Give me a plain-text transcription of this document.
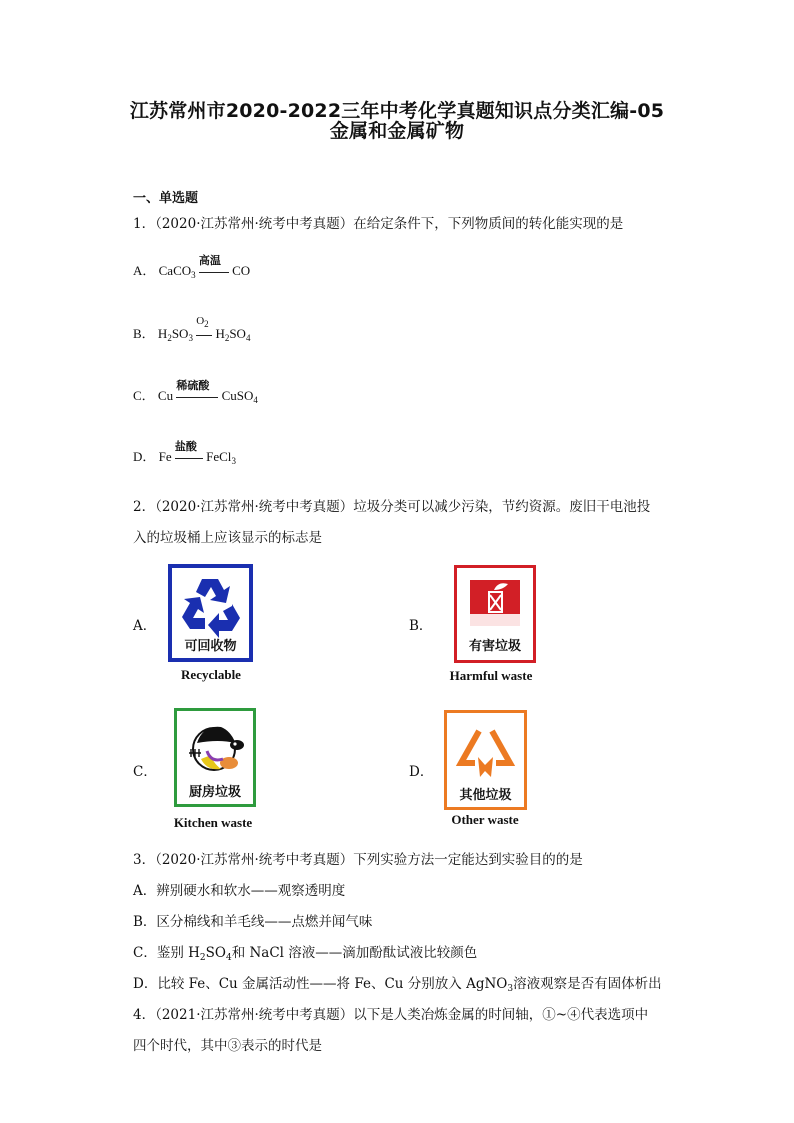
江苏常州市2020-2022三年中考化学真题知识点分类汇编-05
金属和金属矿物
一、单选题
1．（2020·江苏常州·统考中考真题）在给定条件下，下列物质间的转化能实现的是
A． CaCO$_3$
高温
CO
B． $H_2SO_3$
$O_2$
$H_2SO_4$
C． Cu
稀硫酸
CuSO$_4$
D． Fe
盐酸
FeCl$_3$
2．（2020·江苏常州·统考中考真题）垃圾分类可以减少污染，节约资源。废旧干电池投
入的垃圾桶上应该显示的标志是
A．
可回收物
Recyclable
B．
有害垃圾
Harmful waste
C．
厨房垃圾
Kitchen waste
D．
其他垃圾
Other waste
3．（2020·江苏常州·统考中考真题）下列实验方法一定能达到实验目的的是
A．辨别硬水和软水——观察透明度
B．区分棉线和羊毛线——点燃并闻气味
C．鉴别 $H_2SO_4$和 NaCl 溶液——滴加酚酞试液比较颜色
D．比较 Fe、Cu 金属活动性——将 Fe、Cu 分别放入 AgNO$_3$溶液观察是否有固体析出
4．（2021·江苏常州·统考中考真题）以下是人类冶炼金属的时间轴，①~④代表选项中
四个时代，其中③表示的时代是
